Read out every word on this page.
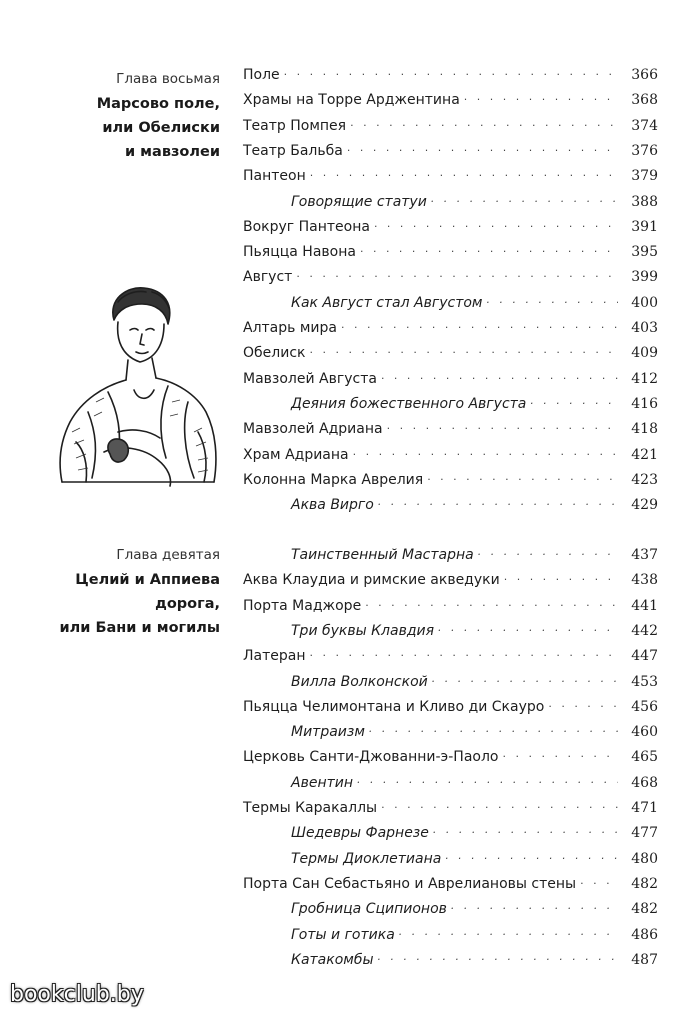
Глава восьмая
Марсово поле,
или Обелиски
и мавзолеи
Поле . . .	366
Храмы на Торре Арджентина . . .	368
Театр Помпея . . .	374
Театр Бальба . . .	376
Пантеон . . .	379
Говорящие статуи . . .	388
Вокруг Пантеона . . .	391
Пьяцца Навона . . .	395
Август . . .	399
Как Август стал Августом . . .	400
Алтарь мира . . .	403
Обелиск . . .	409
Мавзолей Августа . . .	412
Деяния божественного Августа . . .	416
Мавзолей Адриана . . .	418
Храм Адриана . . .	421
Колонна Марка Аврелия . . .	423
Аква Вирго . . .	429
Глава девятая
Целий и Аппиева дорога,
или Бани и могилы
Таинственный Мастарна . . .	437
Аква Клаудиа и римские акведуки . . .	438
Порта Маджоре . . .	441
Три буквы Клавдия . . .	442
Латеран . . .	447
Вилла Волконской . . .	453
Пьяцца Челимонтана и Кливо ди Скауро . . .	456
Митраизм . . .	460
Церковь Санти-Джованни-э-Паоло . . .	465
Авентин . . .	468
Термы Каракаллы . . .	471
Шедевры Фарнезе . . .	477
Термы Диоклетиана . . .	480
Порта Сан Себастьяно и Аврелиановы стены . . .	482
Гробница Сципионов . . .	482
Готы и готика . . .	486
Катакомбы . . .	487
bookclub.by
